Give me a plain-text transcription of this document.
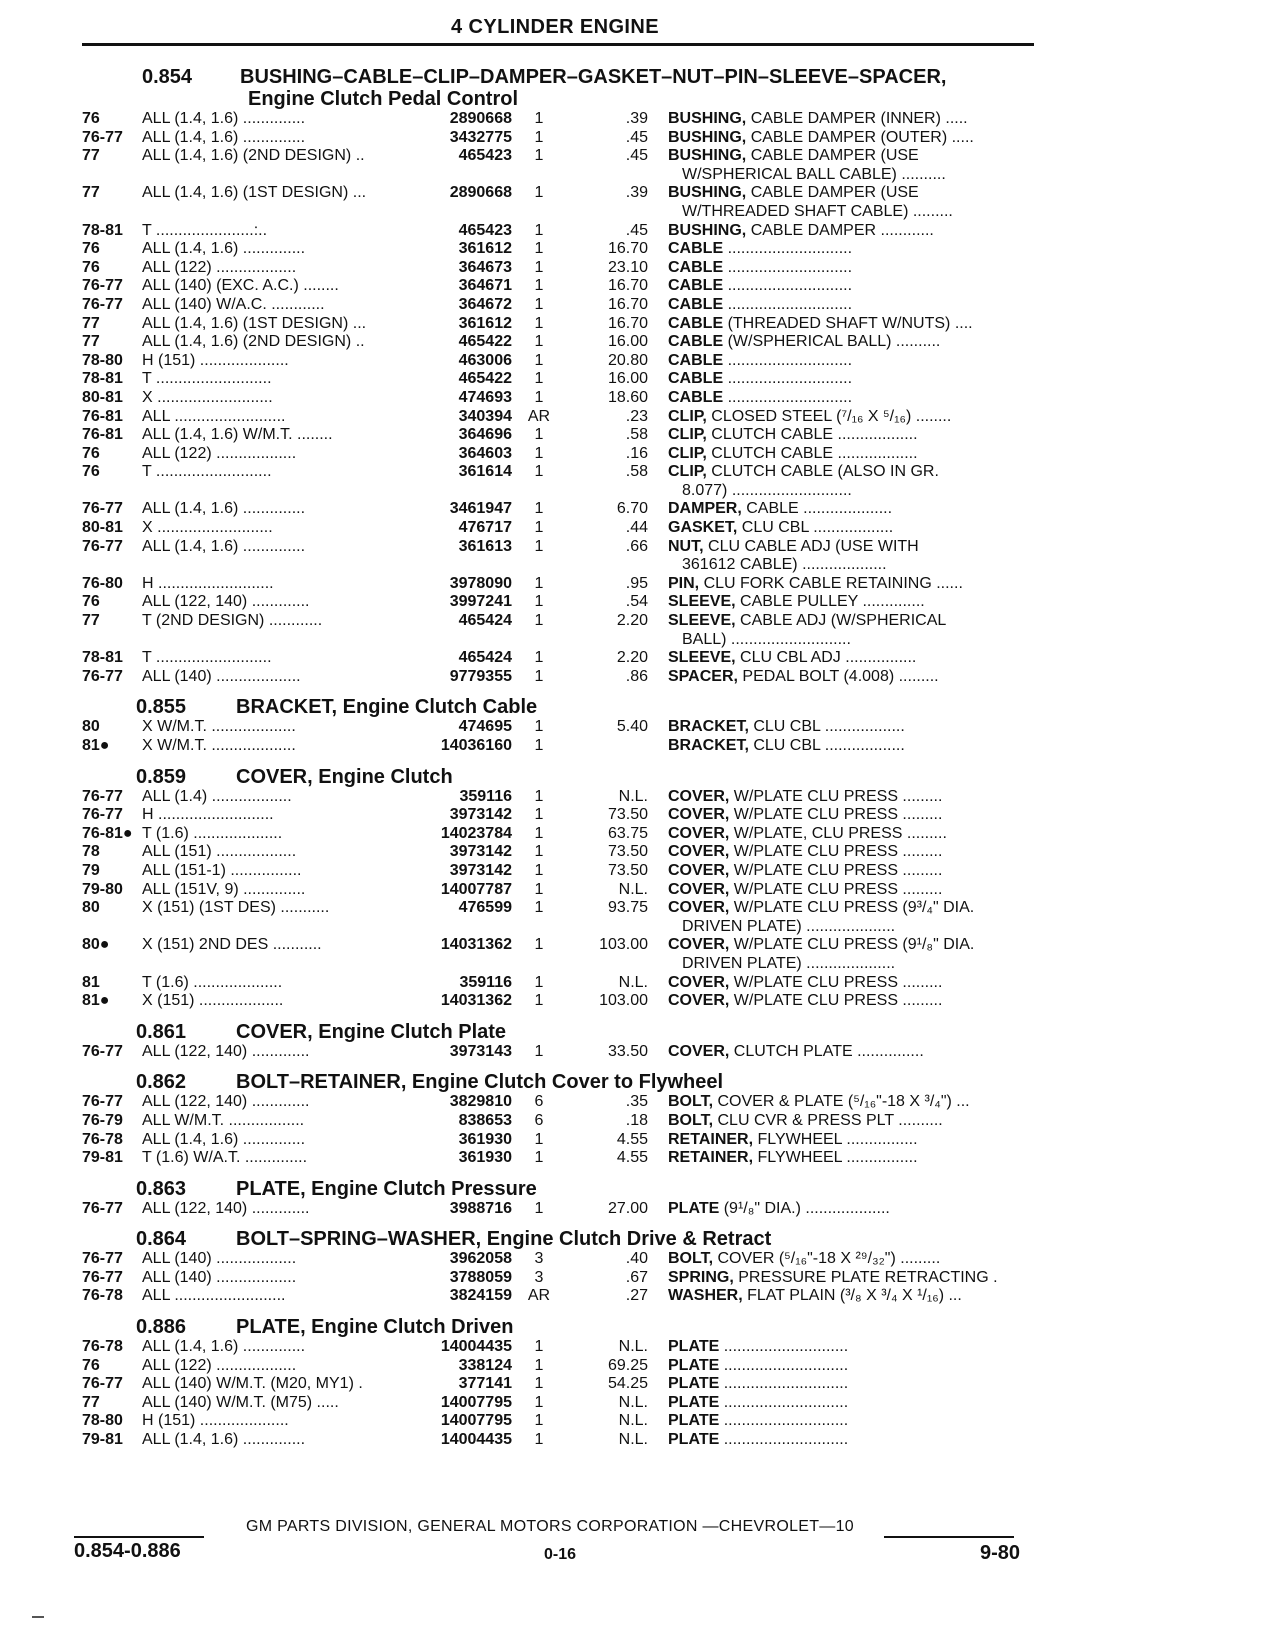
4 CYLINDER ENGINE
0.854 BUSHING–CABLE–CLIP–DAMPER–GASKET–NUT–PIN–SLEEVE–SPACER,
Engine Clutch Pedal Control
76	ALL (1.4, 1.6) ..............	2890668	1	.39 BUSHING, CABLE DAMPER (INNER) .....
76-77 ALL (1.4, 1.6) ..............	3432775	1	.45 BUSHING, CABLE DAMPER (OUTER) .....
77	ALL (1.4, 1.6) (2ND DESIGN) ..	465423	1	.45 BUSHING, CABLE DAMPER (USE
W/SPHERICAL BALL CABLE) ..........
77	ALL (1.4, 1.6) (1ST DESIGN) ...	2890668	1	.39 BUSHING, CABLE DAMPER (USE
W/THREADED SHAFT CABLE) .........
78-81 T ......................:..	465423	1	.45 BUSHING, CABLE DAMPER ............
76	ALL (1.4, 1.6) ..............	361612	1	16.70 CABLE ............................
76	ALL (122) ..................	364673	1	23.10 CABLE ............................
76-77 ALL (140) (EXC. A.C.) ........	364671	1	16.70 CABLE ............................
76-77 ALL (140) W/A.C. ............	364672	1	16.70 CABLE ............................
77	ALL (1.4, 1.6) (1ST DESIGN) ...	361612	1	16.70 CABLE (THREADED SHAFT W/NUTS) ....
77	ALL (1.4, 1.6) (2ND DESIGN) ..	465422	1	16.00 CABLE (W/SPHERICAL BALL) ..........
78-80 H (151) ....................	463006	1	20.80 CABLE ............................
78-81 T ..........................	465422	1	16.00 CABLE ............................
80-81 X ..........................	474693	1	18.60 CABLE ............................
76-81 ALL .........................	340394 AR	.23 CLIP, CLOSED STEEL (⁷/₁₆ X ⁵/₁₆) ........
76-81 ALL (1.4, 1.6) W/M.T. ........	364696	1	.58 CLIP, CLUTCH CABLE ..................
76	ALL (122) ..................	364603	1	.16 CLIP, CLUTCH CABLE ..................
76	T ..........................	361614	1	.58 CLIP, CLUTCH CABLE (ALSO IN GR.
8.077) ...........................
76-77 ALL (1.4, 1.6) ..............	3461947	1	6.70 DAMPER, CABLE ....................
80-81 X ..........................	476717	1	.44 GASKET, CLU CBL ..................
76-77 ALL (1.4, 1.6) ..............	361613	1	.66 NUT, CLU CABLE ADJ (USE WITH
361612 CABLE) ...................
76-80 H ..........................	3978090	1	.95 PIN, CLU FORK CABLE RETAINING ......
76	ALL (122, 140) .............	3997241	1	.54 SLEEVE, CABLE PULLEY ..............
77	T (2ND DESIGN) ............	465424	1	2.20 SLEEVE, CABLE ADJ (W/SPHERICAL
BALL) ...........................
78-81 T ..........................	465424	1	2.20 SLEEVE, CLU CBL ADJ ................
76-77 ALL (140) ...................	9779355	1	.86 SPACER, PEDAL BOLT (4.008) .........
0.855 BRACKET, Engine Clutch Cable
80	X W/M.T. ...................	474695	1	5.40 BRACKET, CLU CBL ..................
81● X W/M.T. ...................	14036160	1	BRACKET, CLU CBL ..................
0.859 COVER, Engine Clutch
76-77 ALL (1.4) ..................	359116	1	N.L. COVER, W/PLATE CLU PRESS .........
76-77 H ..........................	3973142	1	73.50 COVER, W/PLATE CLU PRESS .........
76-81● T (1.6) ....................	14023784	1	63.75 COVER, W/PLATE, CLU PRESS .........
78	ALL (151) ..................	3973142	1	73.50 COVER, W/PLATE CLU PRESS .........
79	ALL (151-1) ................	3973142	1	73.50 COVER, W/PLATE CLU PRESS .........
79-80 ALL (151V, 9) ..............	14007787	1	N.L. COVER, W/PLATE CLU PRESS .........
80	X (151) (1ST DES) ...........	476599	1	93.75 COVER, W/PLATE CLU PRESS (9³/₄" DIA.
DRIVEN PLATE) ....................
80● X (151) 2ND DES ...........	14031362	1	103.00 COVER, W/PLATE CLU PRESS (9¹/₈" DIA.
DRIVEN PLATE) ....................
81	T (1.6) ....................	359116	1	N.L. COVER, W/PLATE CLU PRESS .........
81● X (151) ...................	14031362	1	103.00 COVER, W/PLATE CLU PRESS .........
0.861 COVER, Engine Clutch Plate
76-77 ALL (122, 140) .............	3973143	1	33.50 COVER, CLUTCH PLATE ...............
0.862 BOLT–RETAINER, Engine Clutch Cover to Flywheel
76-77 ALL (122, 140) .............	3829810	6	.35 BOLT, COVER & PLATE (⁵/₁₆"-18 X ³/₄") ...
76-79 ALL W/M.T. .................	838653	6	.18 BOLT, CLU CVR & PRESS PLT ..........
76-78 ALL (1.4, 1.6) ..............	361930	1	4.55 RETAINER, FLYWHEEL ................
79-81 T (1.6) W/A.T. ..............	361930	1	4.55 RETAINER, FLYWHEEL ................
0.863 PLATE, Engine Clutch Pressure
76-77 ALL (122, 140) .............	3988716	1	27.00 PLATE (9¹/₈" DIA.) ...................
0.864 BOLT–SPRING–WASHER, Engine Clutch Drive & Retract
76-77 ALL (140) ..................	3962058	3	.40 BOLT, COVER (⁵/₁₆"-18 X ²⁹/₃₂") .........
76-77 ALL (140) ..................	3788059	3	.67 SPRING, PRESSURE PLATE RETRACTING .
76-78 ALL .........................	3824159 AR	.27 WASHER, FLAT PLAIN (³/₈ X ³/₄ X ¹/₁₆) ...
0.886 PLATE, Engine Clutch Driven
76-78 ALL (1.4, 1.6) ..............	14004435	1	N.L. PLATE ............................
76	ALL (122) ..................	338124	1	69.25 PLATE ............................
76-77 ALL (140) W/M.T. (M20, MY1) .	377141	1	54.25 PLATE ............................
77	ALL (140) W/M.T. (M75) .....	14007795	1	N.L. PLATE ............................
78-80 H (151) ....................	14007795	1	N.L. PLATE ............................
79-81 ALL (1.4, 1.6) ..............	14004435	1	N.L. PLATE ............................
GM PARTS DIVISION, GENERAL MOTORS CORPORATION —CHEVROLET—10
0.854-0.886	0-16	9-80
